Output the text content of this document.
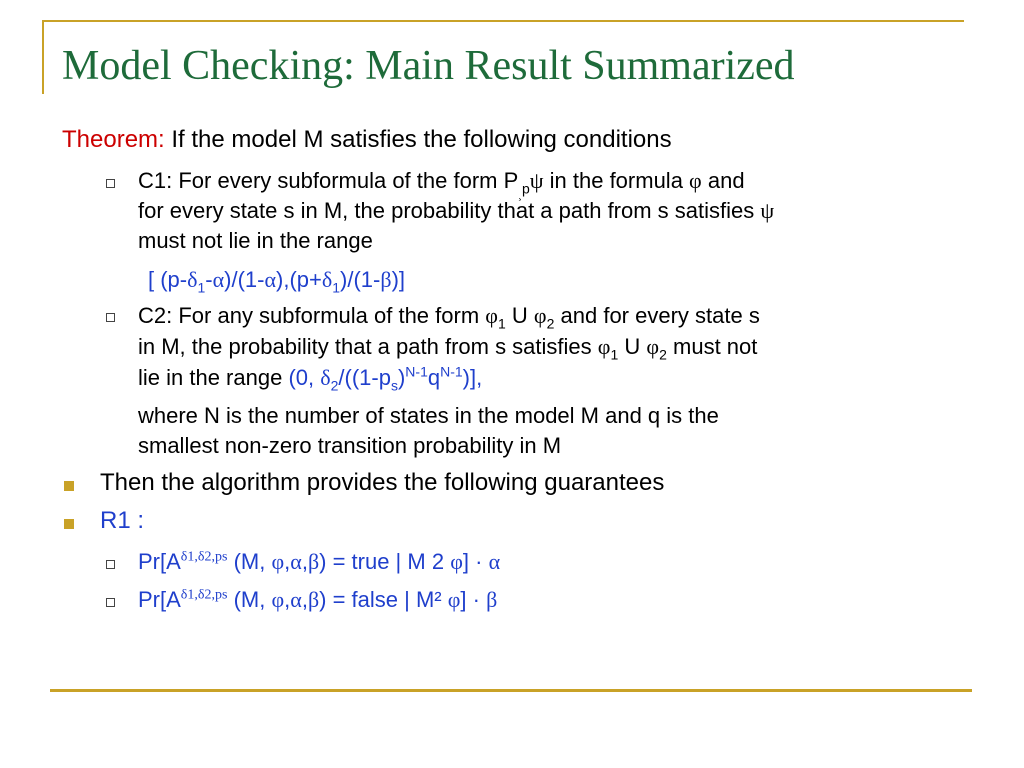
Model Checking: Main Result Summarized
Theorem: If the model M satisfies the following conditions
C1: For every subformula of the form $P_{¸p}\psi$ in the formula φ and
for every state s in M, the probability that a path from s satisfies ψ
must not lie in the range
[ $(p-\delta_1-\alpha)/(1-\alpha),(p+\delta_1)/(1-\beta)$]
C2: For any subformula of the form $\varphi_1$ U $\varphi_2$ and for every state s
in M, the probability that a path from s satisfies $\varphi_1$ U $\varphi_2$ must not
lie in the range (0, $\delta_2/((1-p_s)^{N-1}q^{N-1})$],
where N is the number of states in the model M and q is the
smallest non-zero transition probability in M
Then the algorithm provides the following guarantees
R1 :
$Pr[A^{\delta 1,\delta 2,ps}$ (M, φ,α,β) = true | M 2 φ] · α
$Pr[A^{\delta 1,\delta 2,ps}$ (M, φ,α,β) = false | M² φ] · β
